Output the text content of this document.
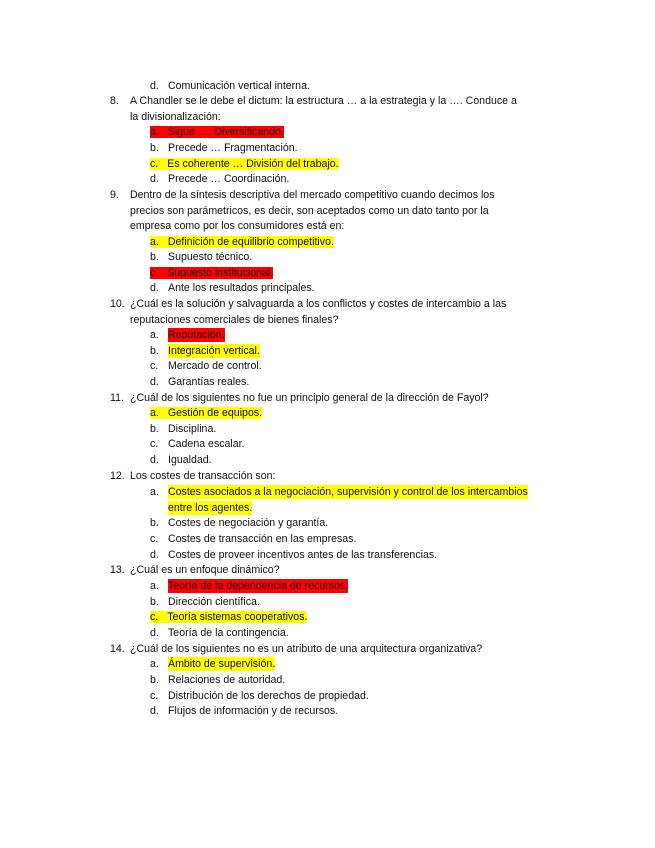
d. Comunicación vertical interna.
8. A Chandler se le debe el dictum: la estructura … a la estrategia y la …. Conduce a
la divisionalización:
a. Sigue …. Diversificando.
b. Precede … Fragmentación.
c. Es coherente … División del trabajo.
d. Precede … Coordinación.
9. Dentro de la síntesis descriptiva del mercado competitivo cuando decimos los
precios son parámetricos, es decir, son aceptados como un dato tanto por la
empresa como por los consumidores está en:
a. Definición de equilibrio competitivo.
b. Supuesto técnico.
c. Supuesto institucional.
d. Ante los resultados principales.
10. ¿Cuál es la solución y salvaguarda a los conflictos y costes de intercambio a las
reputaciones comerciales de bienes finales?
a. Reputación.
b. Integración vertical.
c. Mercado de control.
d. Garantías reales.
11. ¿Cuál de los siguientes no fue un principio general de la dirección de Fayol?
a. Gestión de equipos.
b. Disciplina.
c. Cadena escalar.
d. Igualdad.
12. Los costes de transacción son:
a. Costes asociados a la negociación, supervisión y control de los intercambios
entre los agentes.
b. Costes de negociación y garantía.
c. Costes de transacción en las empresas.
d. Costes de proveer incentivos antes de las transferencias.
13. ¿Cuál es un enfoque dinámico?
a. Teoría de la dependencia de recursos.
b. Dirección científica.
c. Teoría sistemas cooperativos.
d. Teoría de la contingencia.
14. ¿Cuál de los siguientes no es un atributo de una arquitectura organizativa?
a. Ámbito de supervisión.
b. Relaciones de autoridad.
c. Distribución de los derechos de propiedad.
d. Flujos de información y de recursos.
